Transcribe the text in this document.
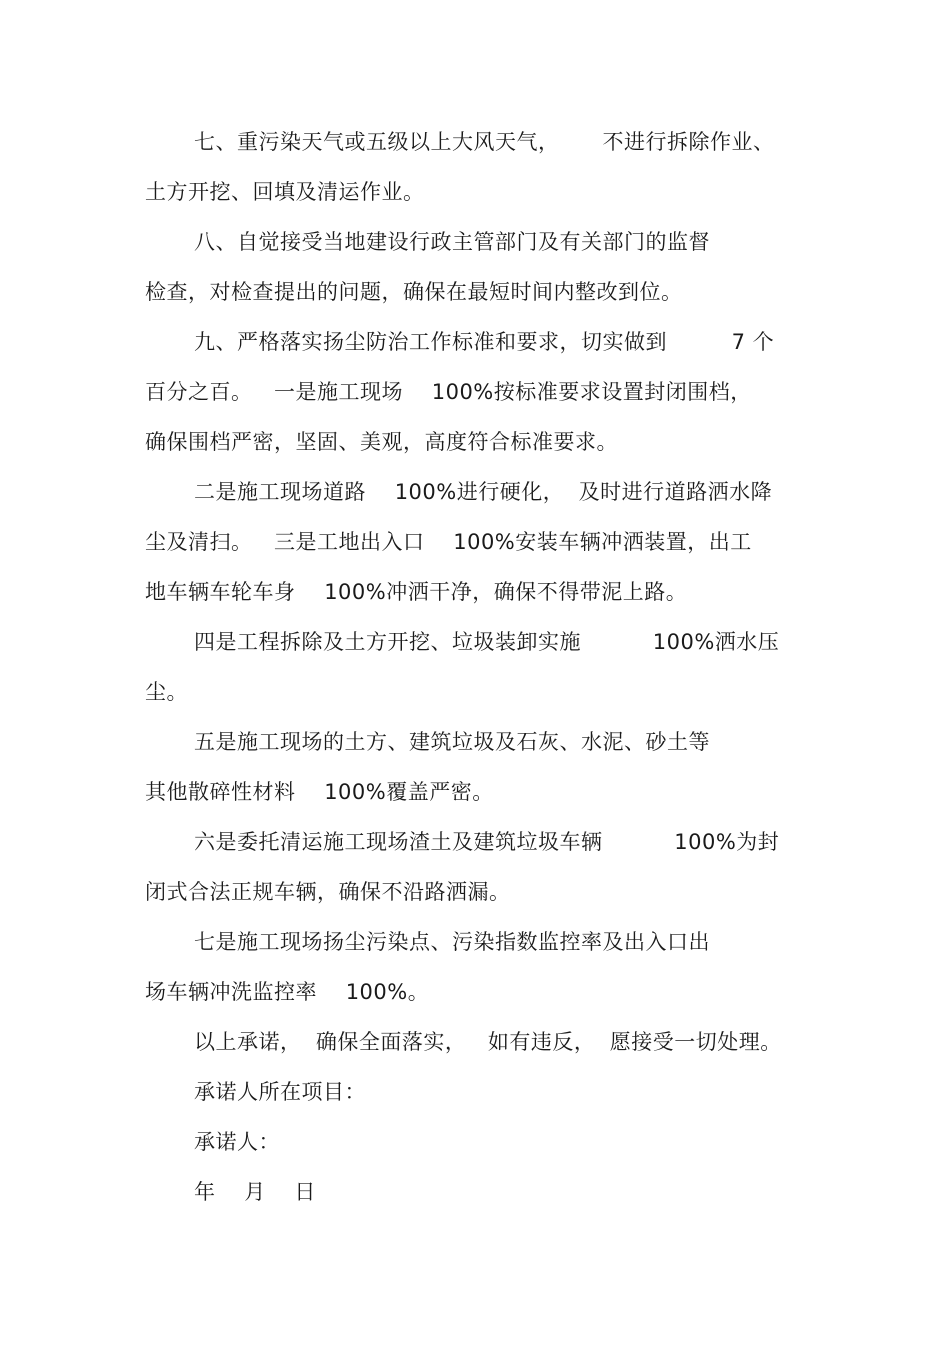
七、重污染天气或五级以上大风天气，      不进行拆除作业、
土方开挖、回填及清运作业。
八、自觉接受当地建设行政主管部门及有关部门的监督
检查，对检查提出的问题，确保在最短时间内整改到位。
九、严格落实扬尘防治工作标准和要求，切实做到         7 个
百分之百。   一是施工现场    100%按标准要求设置封闭围档，
确保围档严密，坚固、美观，高度符合标准要求。
二是施工现场道路    100%进行硬化，  及时进行道路洒水降
尘及清扫。   三是工地出入口    100%安装车辆冲洒装置，出工
地车辆车轮车身    100%冲洒干净，确保不得带泥上路。
四是工程拆除及土方开挖、垃圾装卸实施          100%洒水压
尘。
五是施工现场的土方、建筑垃圾及石灰、水泥、砂土等
其他散碎性材料    100%覆盖严密。
六是委托清运施工现场渣土及建筑垃圾车辆          100%为封
闭式合法正规车辆，确保不沿路洒漏。
七是施工现场扬尘污染点、污染指数监控率及出入口出
场车辆冲洗监控率    100%。
以上承诺，  确保全面落实，   如有违反，  愿接受一切处理。
承诺人所在项目：
承诺人：
年    月    日
